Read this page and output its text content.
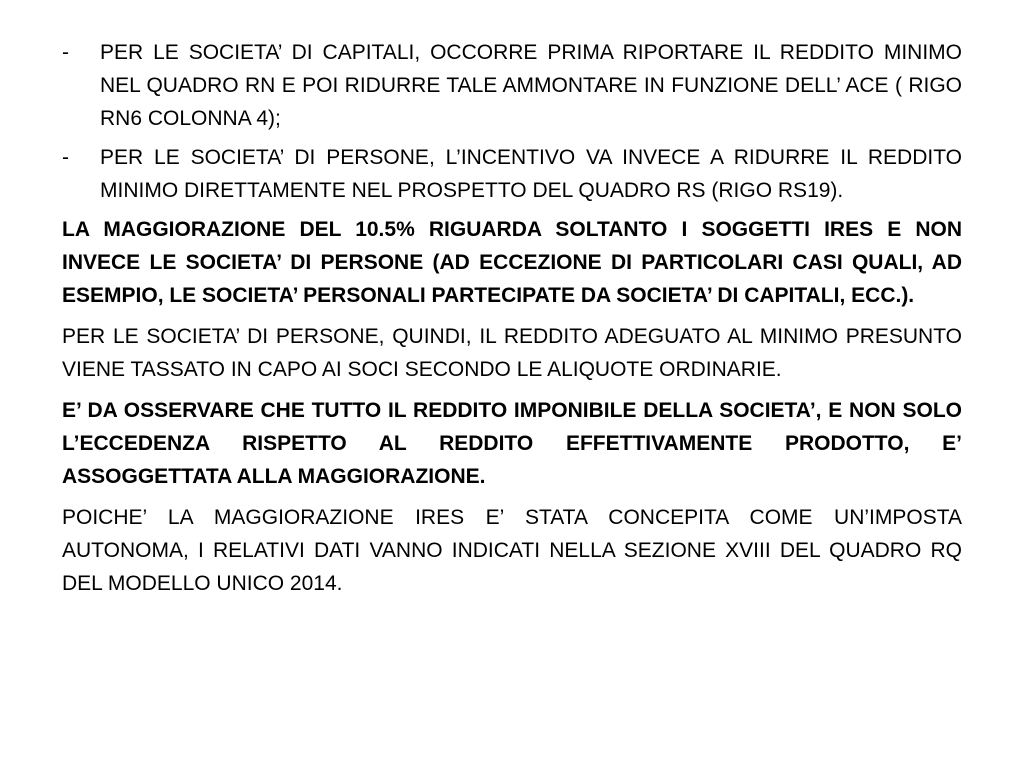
-	PER LE SOCIETA’ DI CAPITALI, OCCORRE PRIMA RIPORTARE IL REDDITO MINIMO NEL QUADRO RN E POI RIDURRE TALE AMMONTARE IN FUNZIONE DELL’ ACE ( RIGO RN6 COLONNA 4);
-	PER LE SOCIETA’ DI PERSONE, L’INCENTIVO VA INVECE A RIDURRE IL REDDITO MINIMO DIRETTAMENTE NEL PROSPETTO DEL QUADRO RS (RIGO RS19).

LA MAGGIORAZIONE DEL 10.5% RIGUARDA SOLTANTO I SOGGETTI IRES E NON INVECE LE SOCIETA’ DI PERSONE (AD ECCEZIONE DI PARTICOLARI CASI QUALI, AD ESEMPIO, LE SOCIETA’ PERSONALI PARTECIPATE DA SOCIETA’ DI CAPITALI, ECC.).

PER LE SOCIETA’ DI PERSONE, QUINDI, IL REDDITO ADEGUATO AL MINIMO PRESUNTO VIENE TASSATO IN CAPO AI SOCI SECONDO LE ALIQUOTE ORDINARIE.

E’ DA OSSERVARE CHE TUTTO IL REDDITO IMPONIBILE DELLA SOCIETA’, E NON SOLO L’ECCEDENZA RISPETTO AL REDDITO EFFETTIVAMENTE PRODOTTO, E’ ASSOGGETTATA ALLA MAGGIORAZIONE.

POICHE’ LA MAGGIORAZIONE IRES E’ STATA CONCEPITA COME UN’IMPOSTA AUTONOMA, I RELATIVI DATI VANNO INDICATI NELLA SEZIONE XVIII DEL QUADRO RQ DEL MODELLO UNICO 2014.
